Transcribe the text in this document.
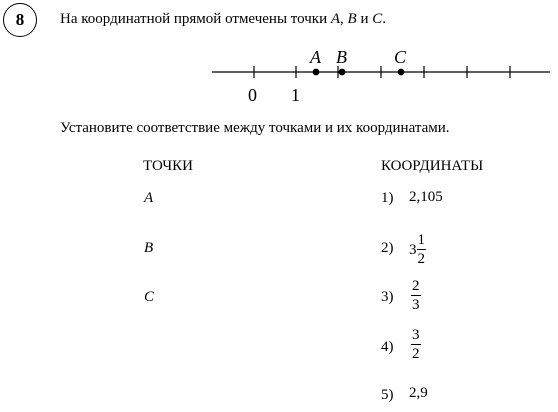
8 На координатной прямой отмечены точки A, B и C.
A B	C
0 1
Установите соответствие между точками и их координатами.
ТОЧКИ	КООРДИНАТЫ
A
B
C
1) 2,105
2) $3 \frac{1}{2}$
$3) \frac{2}{3}$
$4) \frac{3}{2}$
5) 2,9
